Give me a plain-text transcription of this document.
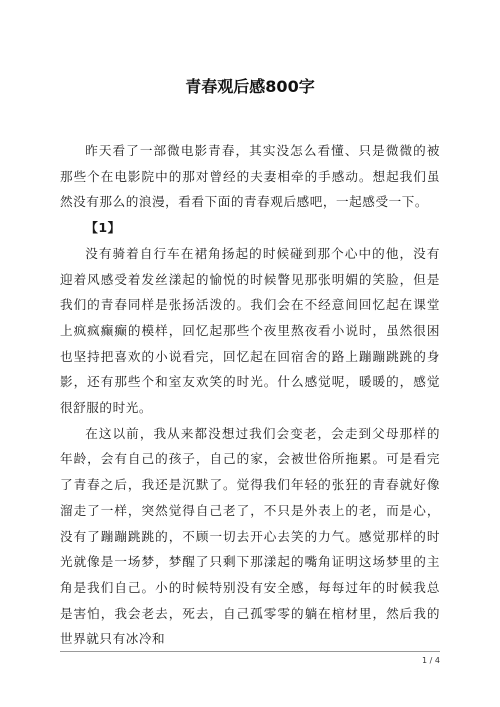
青春观后感800字

昨天看了一部微电影青春，其实没怎么看懂、只是微微的被那些个在电影院中的那对曾经的夫妻相牵的手感动。想起我们虽然没有那么的浪漫，看看下面的青春观后感吧，一起感受一下。

【1】

没有骑着自行车在裙角扬起的时候碰到那个心中的他，没有迎着风感受着发丝漾起的愉悦的时候瞥见那张明媚的笑脸，但是我们的青春同样是张扬活泼的。我们会在不经意间回忆起在课堂上疯疯癫癫的模样，回忆起那些个夜里熬夜看小说时，虽然很困也坚持把喜欢的小说看完，回忆起在回宿舍的路上蹦蹦跳跳的身影，还有那些个和室友欢笑的时光。什么感觉呢，暖暖的，感觉很舒服的时光。

在这以前，我从来都没想过我们会变老，会走到父母那样的年龄，会有自己的孩子，自己的家，会被世俗所拖累。可是看完了青春之后，我还是沉默了。觉得我们年轻的张狂的青春就好像溜走了一样，突然觉得自己老了，不只是外表上的老，而是心，没有了蹦蹦跳跳的，不顾一切去开心去笑的力气。感觉那样的时光就像是一场梦，梦醒了只剩下那漾起的嘴角证明这场梦里的主角是我们自己。小的时候特别没有安全感，每每过年的时候我总是害怕，我会老去，死去，自己孤零零的躺在棺材里，然后我的世界就只有冰冷和

1 / 4
